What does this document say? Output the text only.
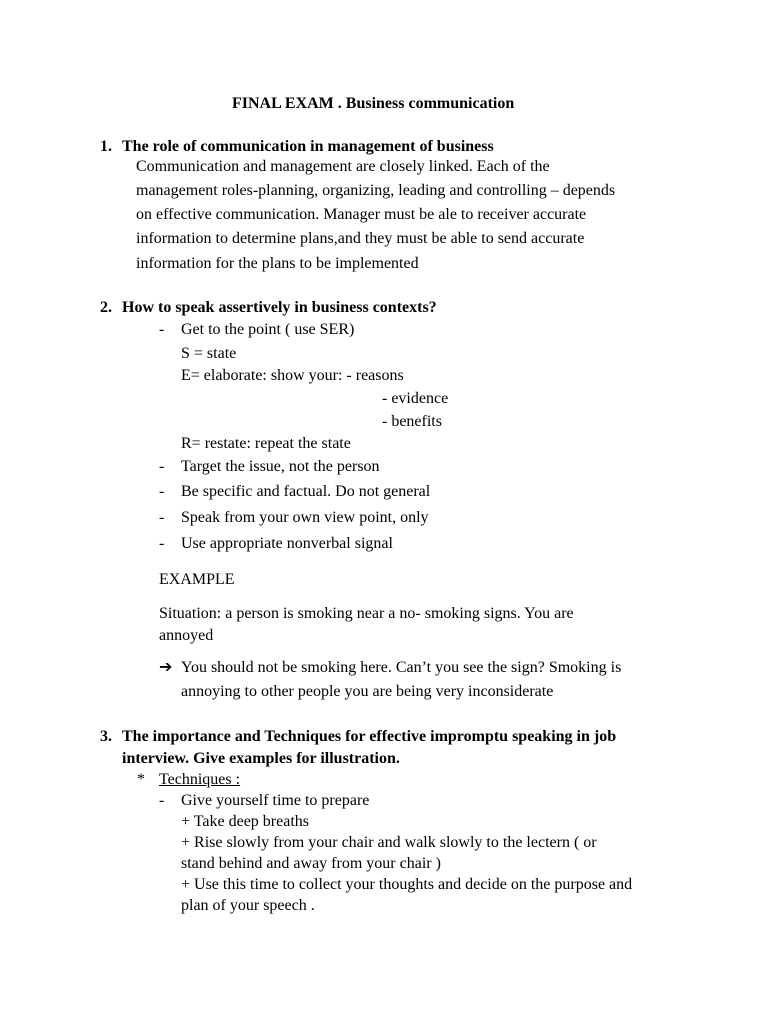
FINAL EXAM . Business communication
1. The role of communication in management of business
Communication and management are closely linked. Each of the
management roles-planning, organizing, leading and controlling – depends
on effective communication. Manager must be ale to receiver accurate
information to determine plans,and they must be able to send accurate
information for the plans to be implemented
2. How to speak assertively in business contexts?
- Get to the point ( use SER)
S = state
E= elaborate: show your: - reasons
- evidence
- benefits
R= restate: repeat the state
- Target the issue, not the person
- Be specific and factual. Do not general
- Speak from your own view point, only
- Use appropriate nonverbal signal
EXAMPLE
Situation: a person is smoking near a no- smoking signs. You are
annoyed
➔ You should not be smoking here. Can’t you see the sign? Smoking is
annoying to other people you are being very inconsiderate
3. The importance and Techniques for effective impromptu speaking in job
interview. Give examples for illustration.
* Techniques :
- Give yourself time to prepare
+ Take deep breaths
+ Rise slowly from your chair and walk slowly to the lectern ( or
stand behind and away from your chair )
+ Use this time to collect your thoughts and decide on the purpose and
plan of your speech .
